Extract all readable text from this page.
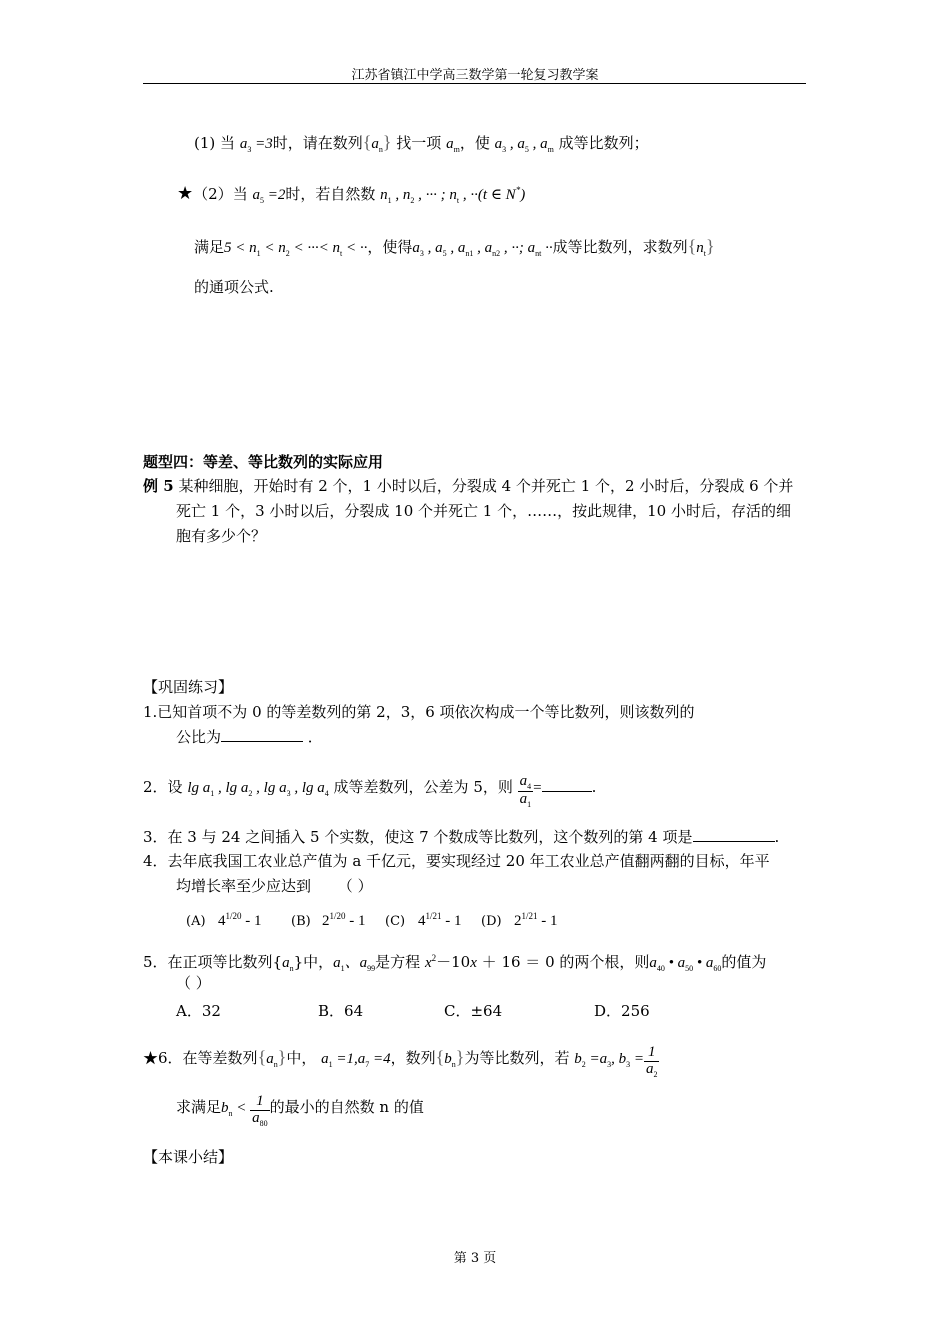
江苏省镇江中学高三数学第一轮复习教学案
(1) 当 $a_3 =3$时，请在数列$\{a_n\}$ 找一项 $a_m$，使 $a_3$ , $a_5$ , $a_m$ 成等比数列；
★（2）当 $a_5 =2$时，若自然数 $n_1$ , $n_2$ , ··· ; $n_t$ , ··(t ∈ N*)
满足$5 < n_1 < n_2$ < ···< $n_t$ < ··，使得$a_3$ , $a_5$ , $a_{n1}$ , $a_{n2}$ , ··; $a_{nt}$ ··成等比数列，求数列$\{n_t\}$
的通项公式.
题型四：等差、等比数列的实际应用
例 5 某种细胞，开始时有 2 个，1 小时以后，分裂成 4 个并死亡 1 个，2 小时后，分裂成 6 个并
死亡 1 个，3 小时以后，分裂成 10 个并死亡 1 个，……，按此规律，10 小时后，存活的细
胞有多少个？
【巩固练习】
1.已知首项不为 0 的等差数列的第 2，3，6 项依次构成一个等比数列，则该数列的
公比为	．
2．设 $\lg a_1$ , $\lg a_2$ , $\lg a_3$ , $\lg a_4$ 成等差数列，公差为 5，则 $\frac{a_4}{a_1}$ =	.
3．在 3 与 24 之间插入 5 个实数，使这 7 个数成等比数列，这个数列的第 4 项是	.
4．去年底我国工农业总产值为 a 千亿元，要实现经过 20 年工农业总产值翻两翻的目标，年平
均增长率至少应达到 （ ）
(A) $4^{1/20} - 1$ (B) $2^{1/20} - 1$ (C) $4^{1/21} - 1$ (D) $2^{1/21} - 1$
5．在正项等比数列$\{a_n\}$中，$a_1$、$a_{99}$是方程 $x^2-10x + 16 = 0$ 的两个根，则$a_{40}$ • $a_{50}$ • $a_{60}$的值为
（ ）
A．32	B．64	C．±64	D．256
★6．在等差数列$\{a_n\}$中， $a_1 =1,a_7 =4$，数列$\{b_n\}$为等比数列，若 $b_2 =a_3$, $b_3 = \frac{1}{a_2}$
求满足$b_n < \frac{1}{a_{80}}$ 的最小的自然数 n 的值
【本课小结】
第 3 页
